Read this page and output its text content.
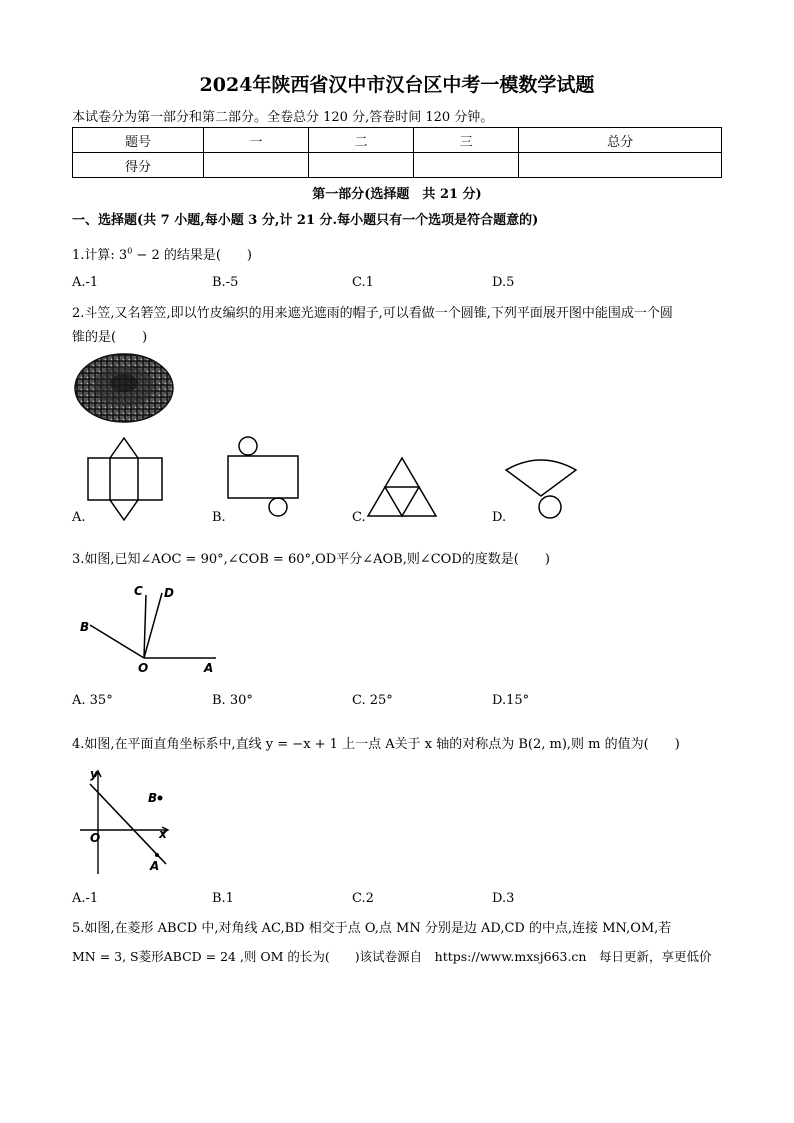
2024年陕西省汉中市汉台区中考一模数学试题
本试卷分为第一部分和第二部分。全卷总分 120 分,答卷时间 120 分钟。
题号	一	二	三	总分
得分				
第一部分(选择题　共 21 分)
一、选择题(共 7 小题,每小题 3 分,计 21 分.每小题只有一个选项是符合题意的)
1.计算: $3^0 - 2$ 的结果是(　　)
A.-1	B.-5	C.1	D.5
2.斗笠,又名箬笠,即以竹皮编织的用来遮光遮雨的帽子,可以看做一个圆锥,下列平面展开图中能围成一个圆
锥的是(　　)
A.	B.	C.	D.
3.如图,已知∠AOC = 90°,∠COB = 60°,OD平分∠AOB,则∠COD的度数是(　　)
C D
B
O	A
A. 35°	B. 30°	C. 25°	D.15°
4.如图,在平面直角坐标系中,直线 y = −x + 1 上一点 A关于 x 轴的对称点为 B(2, m),则 m 的值为(　　)
y
B
O	x
A
A.-1	B.1	C.2	D.3
5.如图,在菱形 ABCD 中,对角线 AC,BD 相交于点 O,点 MN 分别是边 AD,CD 的中点,连接 MN,OM,若
MN = 3, S菱形ABCD = 24 ,则 OM 的长为(　　)该试卷源自　https://www.mxsj663.cn　每日更新，享更低价
